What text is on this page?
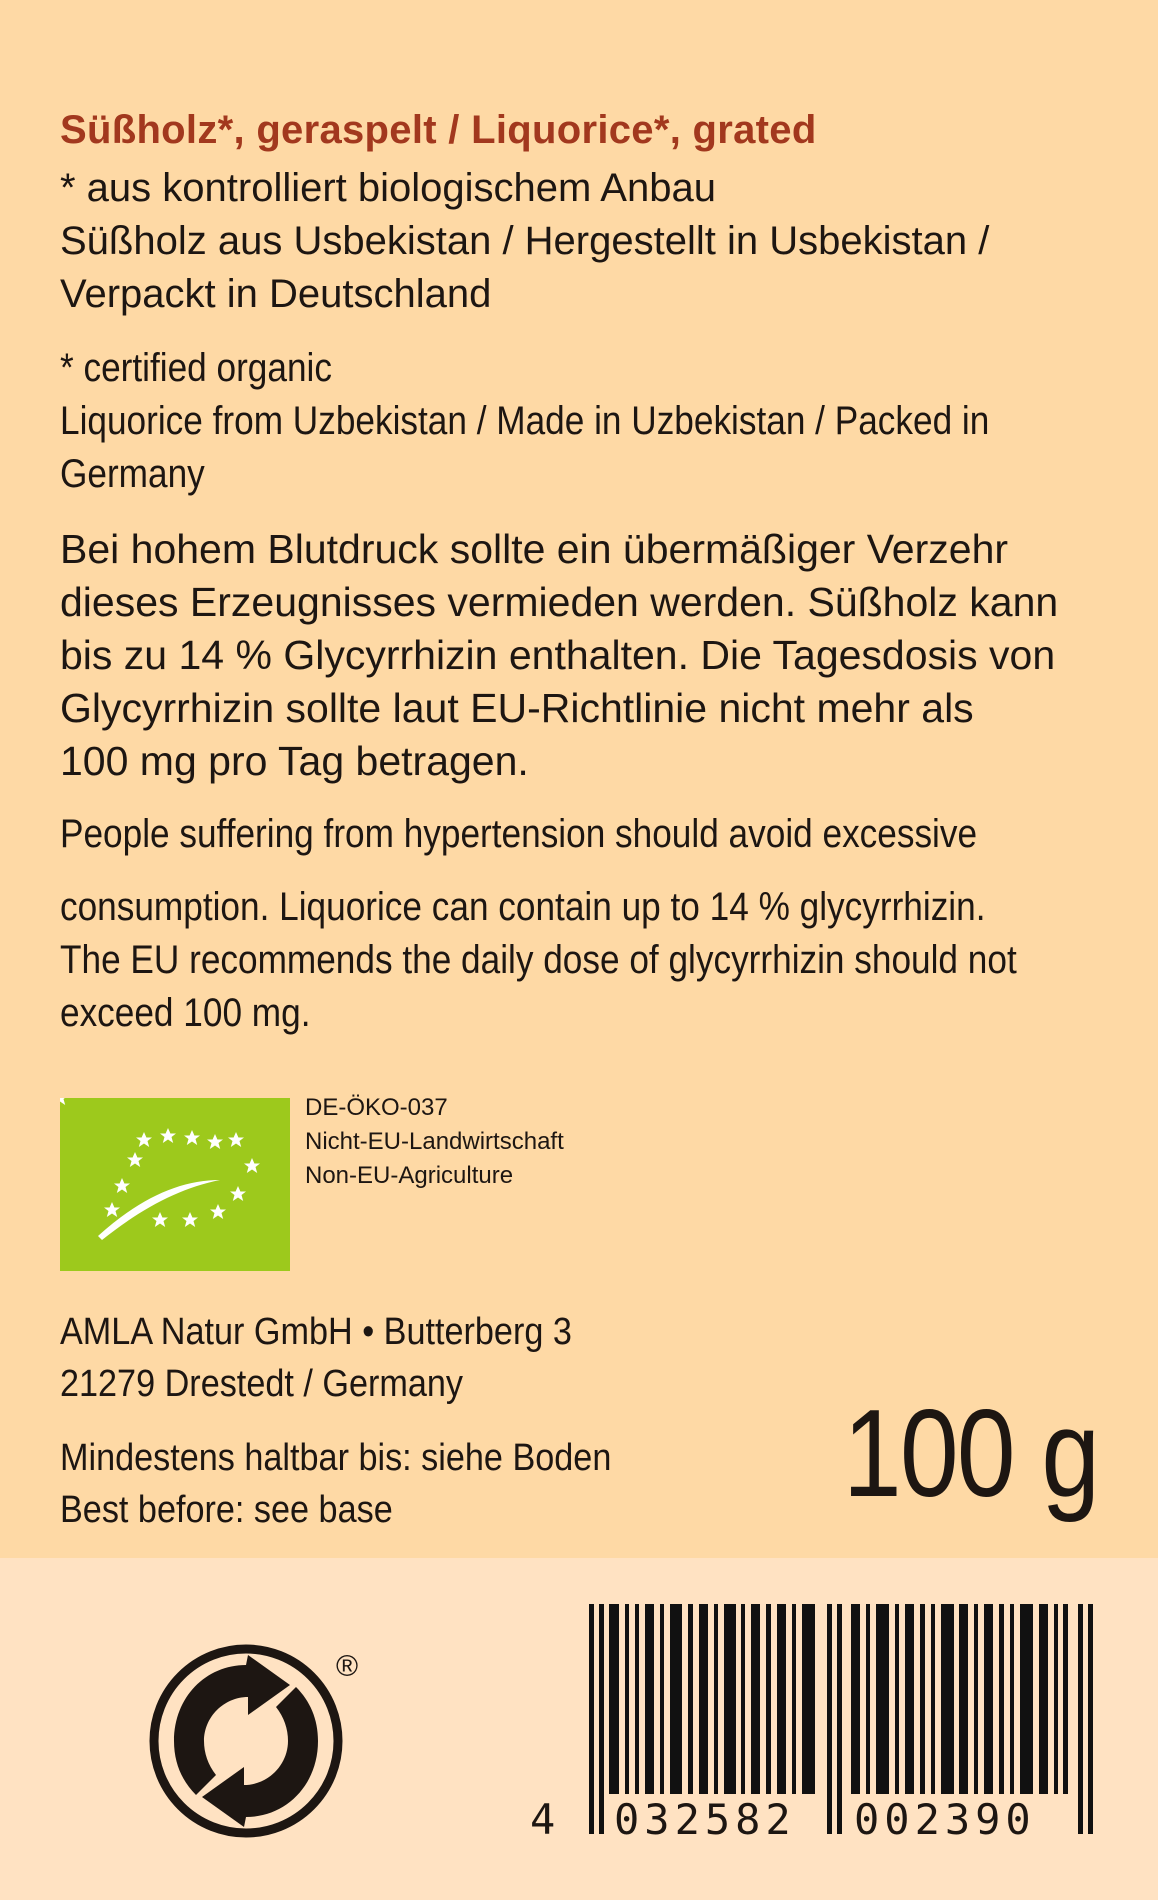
Süßholz*, geraspelt / Liquorice*, grated

* aus kontrolliert biologischem Anbau

Süßholz aus Usbekistan / Hergestellt in Usbekistan /

Verpackt in Deutschland

* certified organic

Liquorice from Uzbekistan / Made in Uzbekistan / Packed in

Germany

Bei hohem Blutdruck sollte ein übermäßiger Verzehr

dieses Erzeugnisses vermieden werden. Süßholz kann

bis zu 14 % Glycyrrhizin enthalten. Die Tagesdosis von

Glycyrrhizin sollte laut EU-Richtlinie nicht mehr als

100 mg pro Tag betragen.

People suffering from hypertension should avoid excessive

consumption. Liquorice can contain up to 14 % glycyrrhizin.

The EU recommends the daily dose of glycyrrhizin should not

exceed 100 mg.

DE-ÖKO-037
Nicht-EU-Landwirtschaft
Non-EU-Agriculture

AMLA Natur GmbH • Butterberg 3

21279 Drestedt / Germany

Mindestens haltbar bis: siehe Boden

Best before: see base	100 g
®
4 032582 002390
